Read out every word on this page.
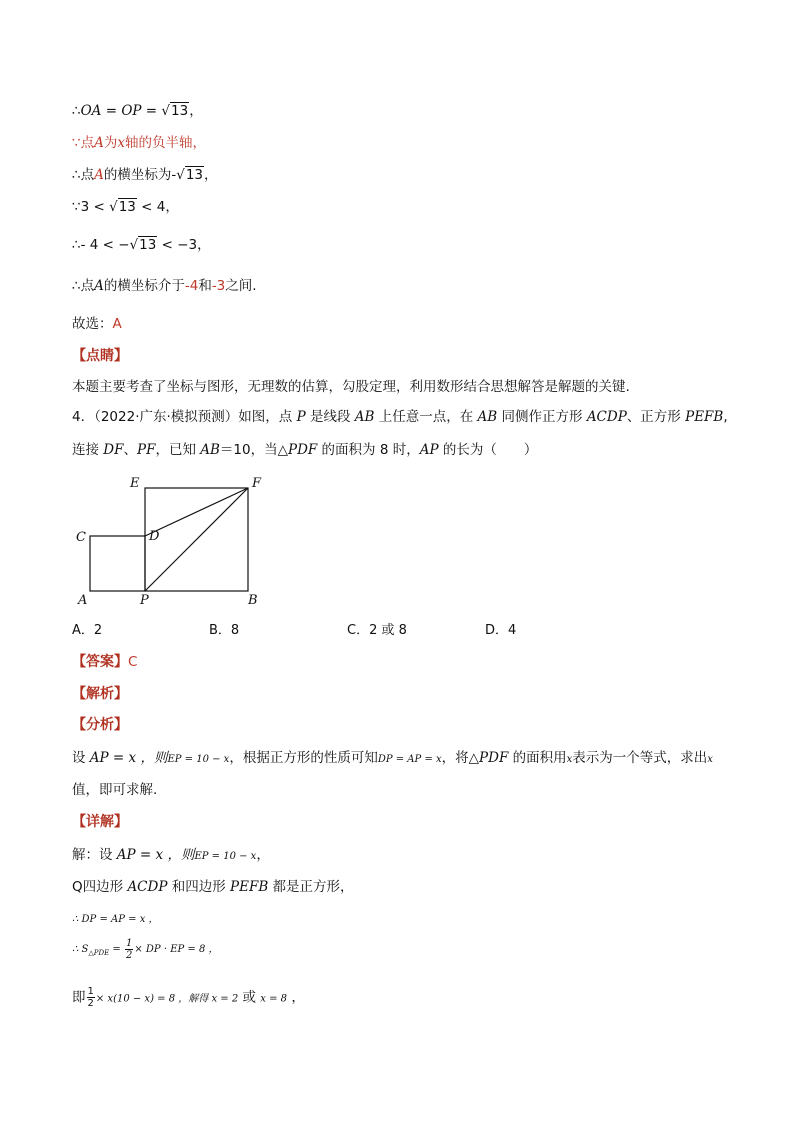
∴OA = OP = √13，
∵点A为x轴的负半轴，
∴点A的横坐标为-√13，
∵3 < √13 < 4，
∴- 4 < −√13 < −3，
∴点A的横坐标介于-4和-3之间.
故选：A
【点睛】
本题主要考查了坐标与图形，无理数的估算，勾股定理，利用数形结合思想解答是解题的关键.
4．（2022·广东·模拟预测）如图，点 P 是线段 AB 上任意一点，在 AB 同侧作正方形 ACDP、正方形 PEFB,
连接 DF、PF，已知 AB＝10，当△PDF 的面积为 8 时，AP 的长为（　　）
A	P	B
C	D
E	F
A．2	B．8	C．2 或 8	D．4
【答案】C
【解析】
【分析】
设 AP = x ，则EP = 10 − x，根据正方形的性质可知DP = AP = x，将△PDF 的面积用x表示为一个等式，求出x
值，即可求解.
【详解】
解：设 AP = x ，则EP = 10 − x，
Q四边形 ACDP 和四边形 PEFB 都是正方形，
∴ DP = AP = x ，
∴ $S_{\triangle PDE} = \frac{1}{2}$ × DP · EP = 8 ，
即 $\frac{1}{2} \times x(10 - x) = 8$ ，解得 x = 2 或 x = 8 ，
